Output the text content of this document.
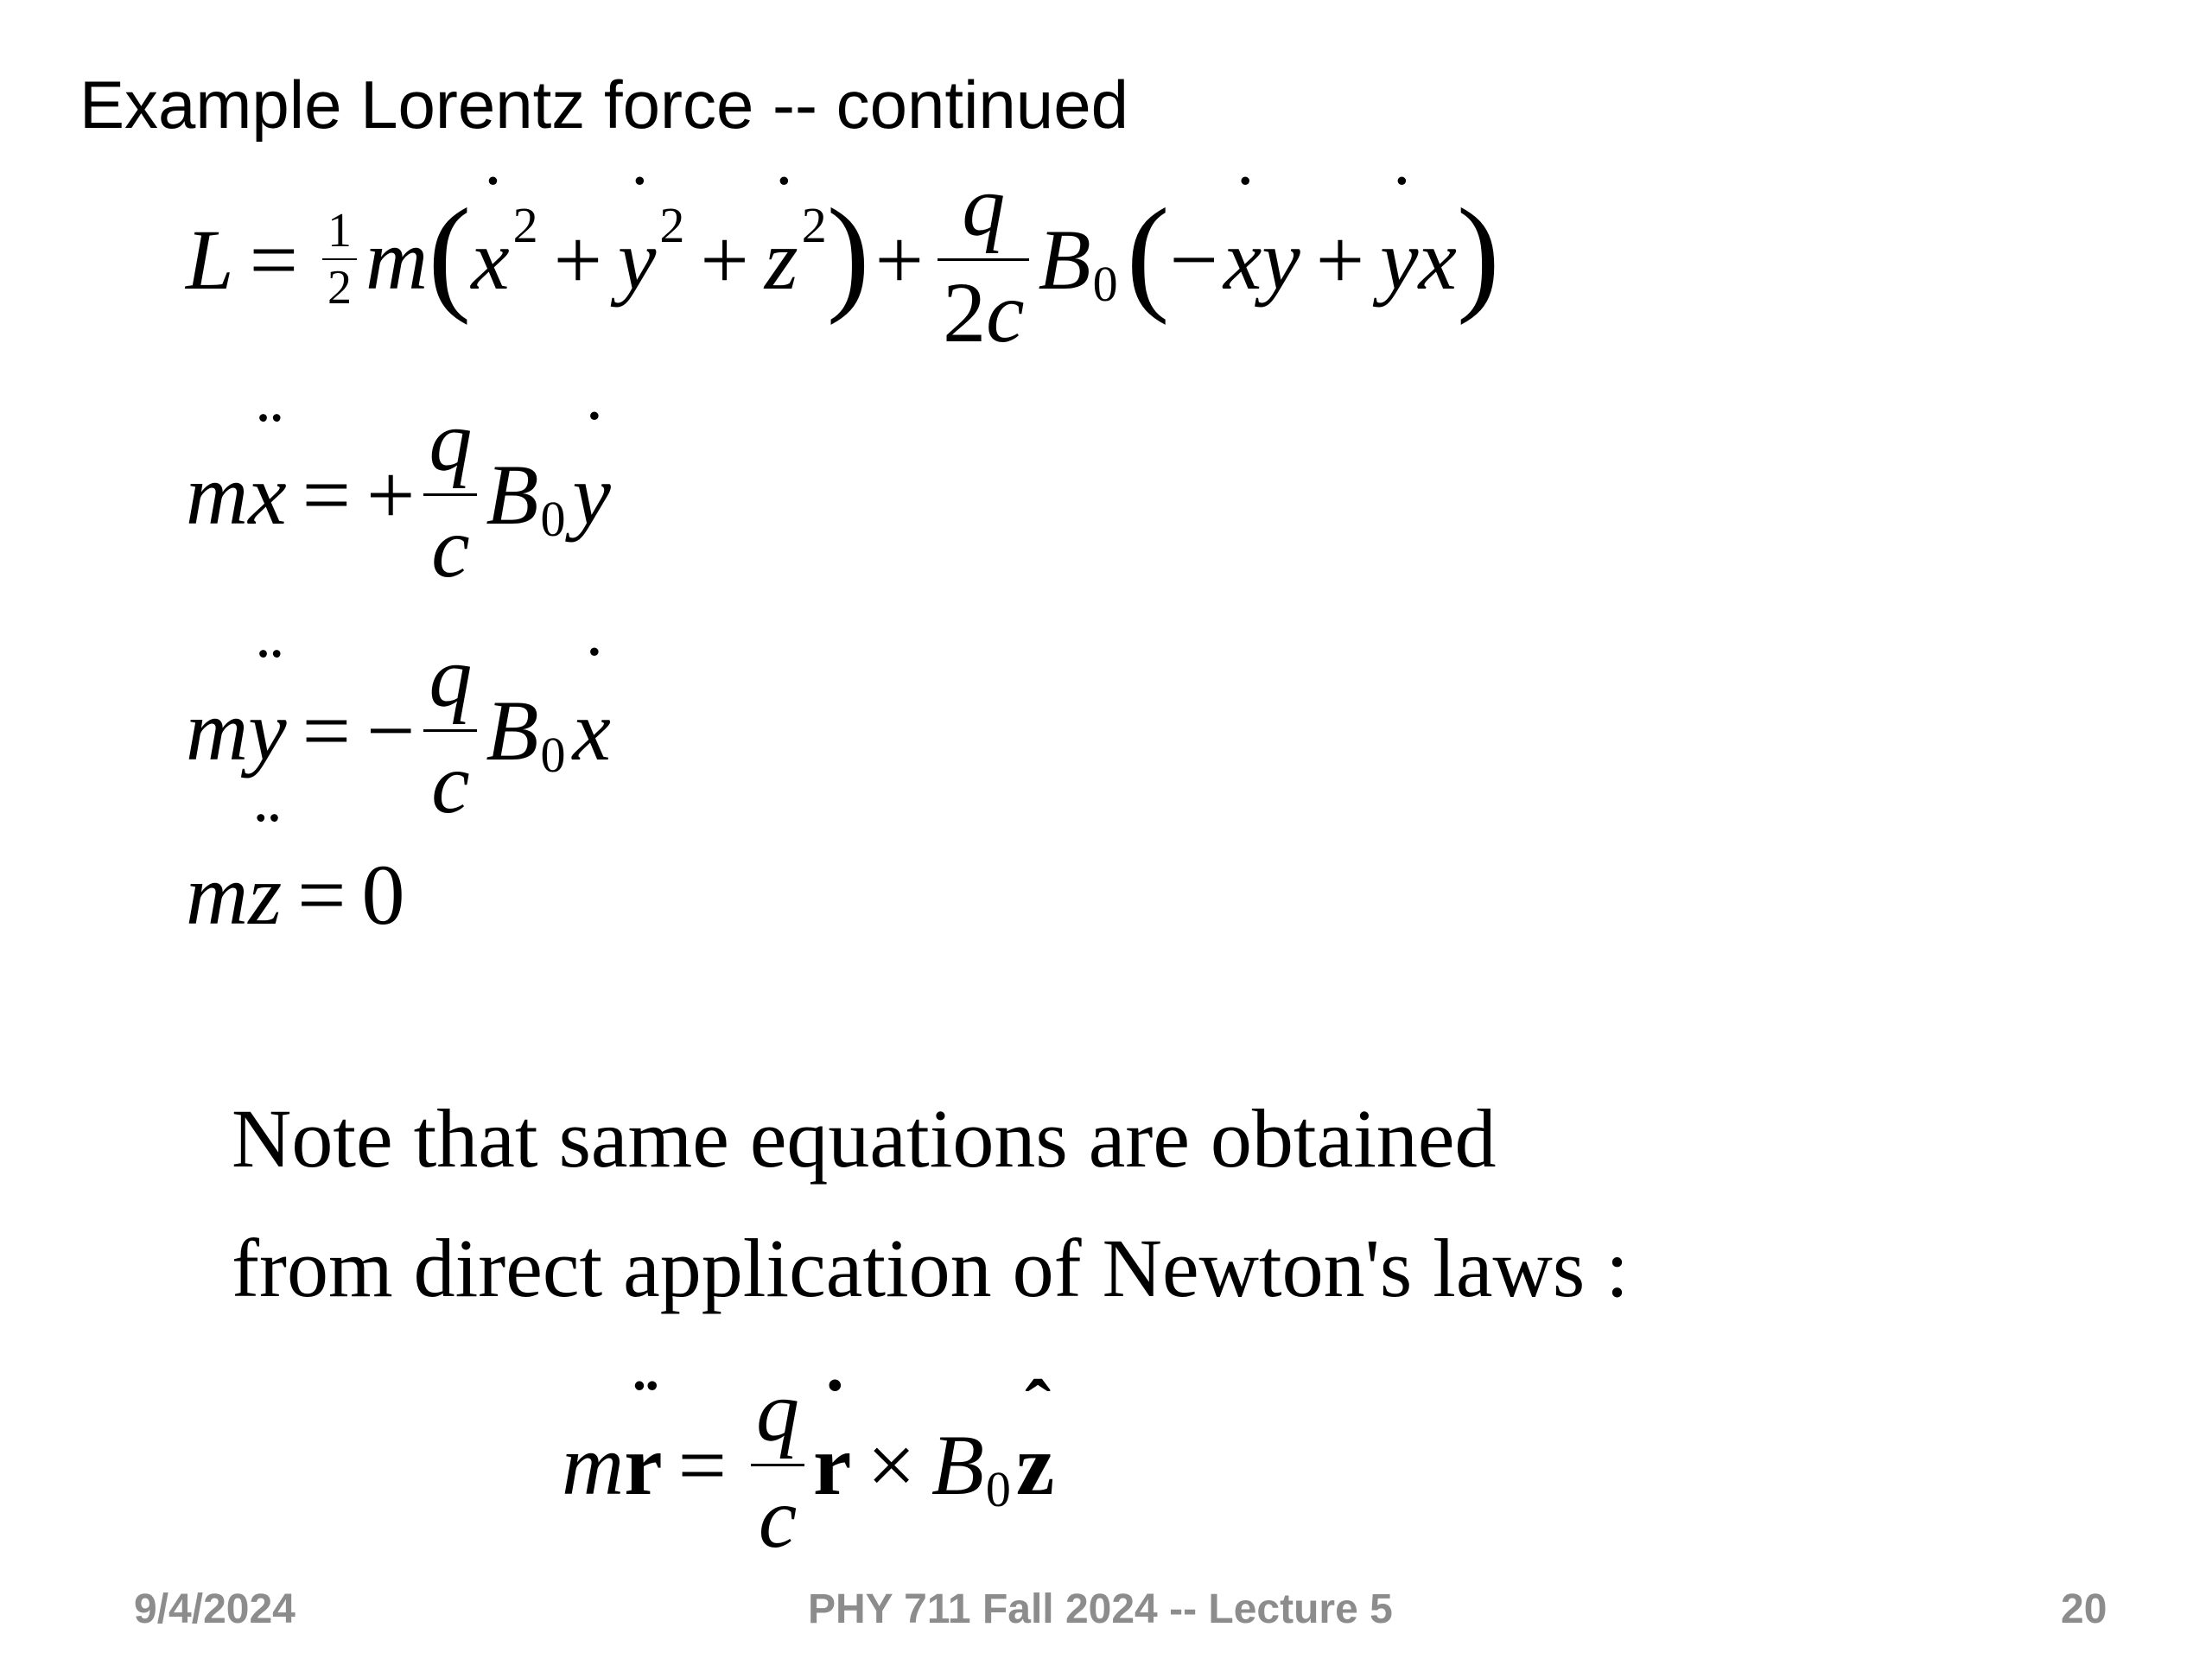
Example Lorentz force -- continued
$L = \frac{1}{2}$ m ( x ˙ 2 + y ˙ 2 + z ˙ 2 ) + $\frac{q}{2c}$ B 0 ( − x ˙ y + y ˙ x )
m x ¨ = + $\frac{q}{c}$ B 0 y ˙
m y ¨ = − $\frac{q}{c}$ B 0 x ˙
m z ¨ = 0
Note that same equations are obtained
from direct application of Newton's laws :
m r ¨ = $\frac{q}{c}$ r ˙ × B 0 z ˆ
9/4/2024	PHY 711 Fall 2024 -- Lecture 5	20
